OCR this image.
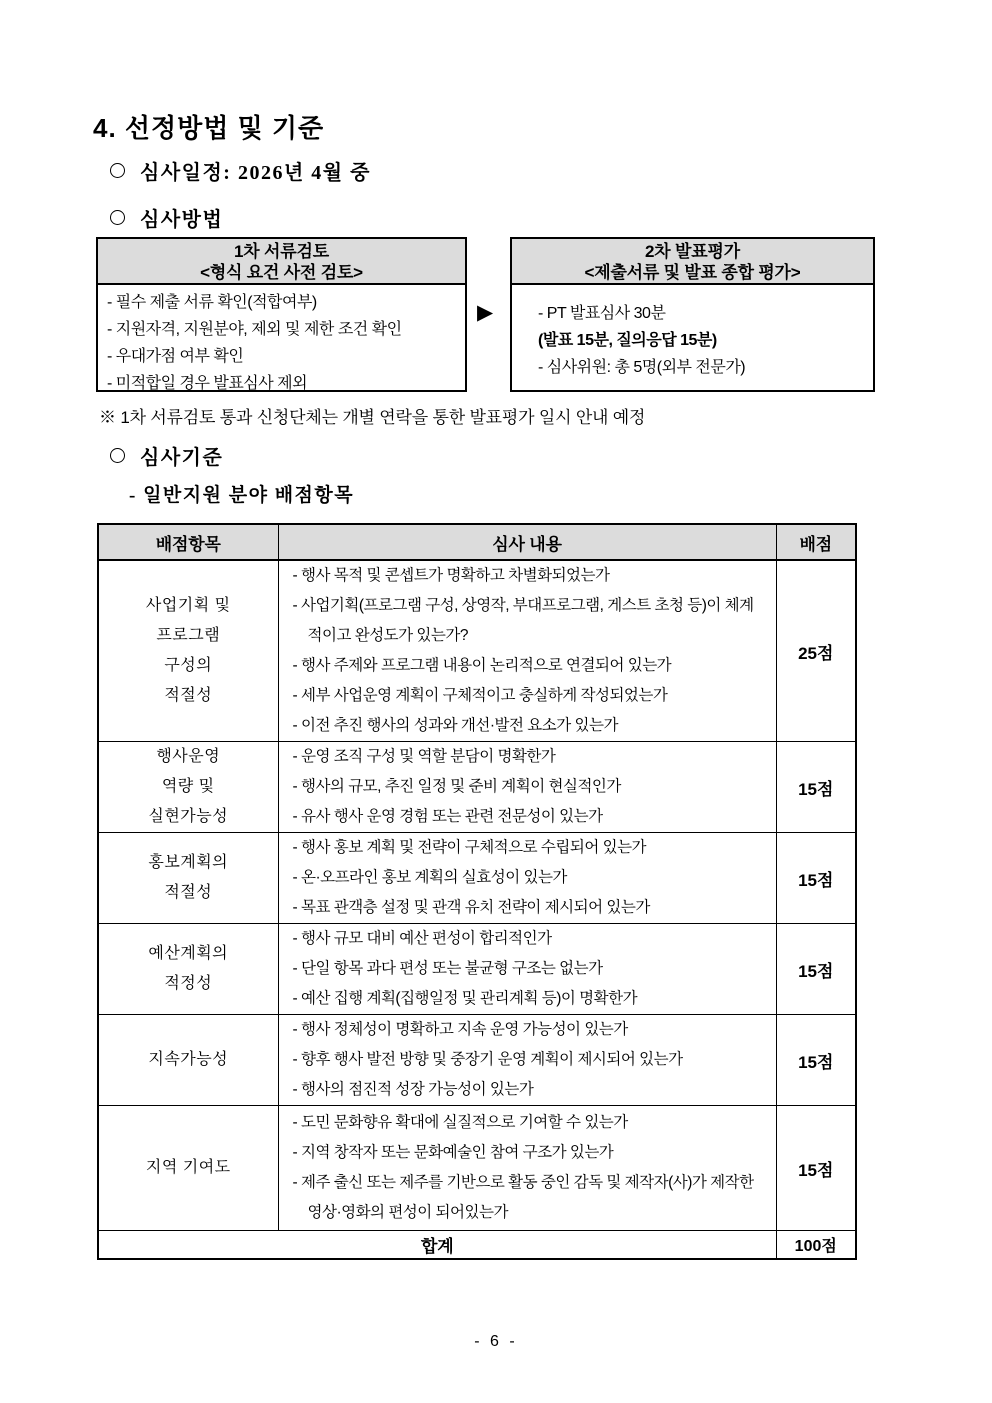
4. 선정방법 및 기준
심사일정: 2026년 4월 중
심사방법
1차 서류검토
<형식 요건 사전 검토>
- 필수 제출 서류 확인(적합여부)
- 지원자격, 지원분야, 제외 및 제한 조건 확인
- 우대가점 여부 확인
- 미적합일 경우 발표심사 제외
▶
2차 발표평가
<제출서류 및 발표 종합 평가>
- PT 발표심사 30분
(발표 15분, 질의응답 15분)
- 심사위원: 총 5명(외부 전문가)
※ 1차 서류검토 통과 신청단체는 개별 연락을 통한 발표평가 일시 안내 예정
심사기준
- 일반지원 분야 배점항목
배점항목	심사 내용	배점

사업기획 및
프로그램
구성의
적절성

- 행사 목적 및 콘셉트가 명확하고 차별화되었는가
- 사업기획(프로그램 구성, 상영작, 부대프로그램, 게스트 초청 등)이 체계적이고 완성도가 있는가?
- 행사 주제와 프로그램 내용이 논리적으로 연결되어 있는가
- 세부 사업운영 계획이 구체적이고 충실하게 작성되었는가
- 이전 추진 행사의 성과와 개선·발전 요소가 있는가
	25점

행사운영
역량 및
실현가능성

- 운영 조직 구성 및 역할 분담이 명확한가
- 행사의 규모, 추진 일정 및 준비 계획이 현실적인가
- 유사 행사 운영 경험 또는 관련 전문성이 있는가
	15점

홍보계획의
적절성

- 행사 홍보 계획 및 전략이 구체적으로 수립되어 있는가
- 온·오프라인 홍보 계획의 실효성이 있는가
- 목표 관객층 설정 및 관객 유치 전략이 제시되어 있는가
	15점

예산계획의
적정성

- 행사 규모 대비 예산 편성이 합리적인가
- 단일 항목 과다 편성 또는 불균형 구조는 없는가
- 예산 집행 계획(집행일정 및 관리계획 등)이 명확한가
	15점

지속가능성	- 행사 정체성이 명확하고 지속 운영 가능성이 있는가
- 향후 행사 발전 방향 및 중장기 운영 계획이 제시되어 있는가
- 행사의 점진적 성장 가능성이 있는가	15점

지역 기여도	- 도민 문화향유 확대에 실질적으로 기여할 수 있는가
- 지역 창작자 또는 문화예술인 참여 구조가 있는가
- 제주 출신 또는 제주를 기반으로 활동 중인 감독 및 제작자(사)가 제작한 영상·영화의 편성이 되어있는가	15점
합계		100점
- 6 -
